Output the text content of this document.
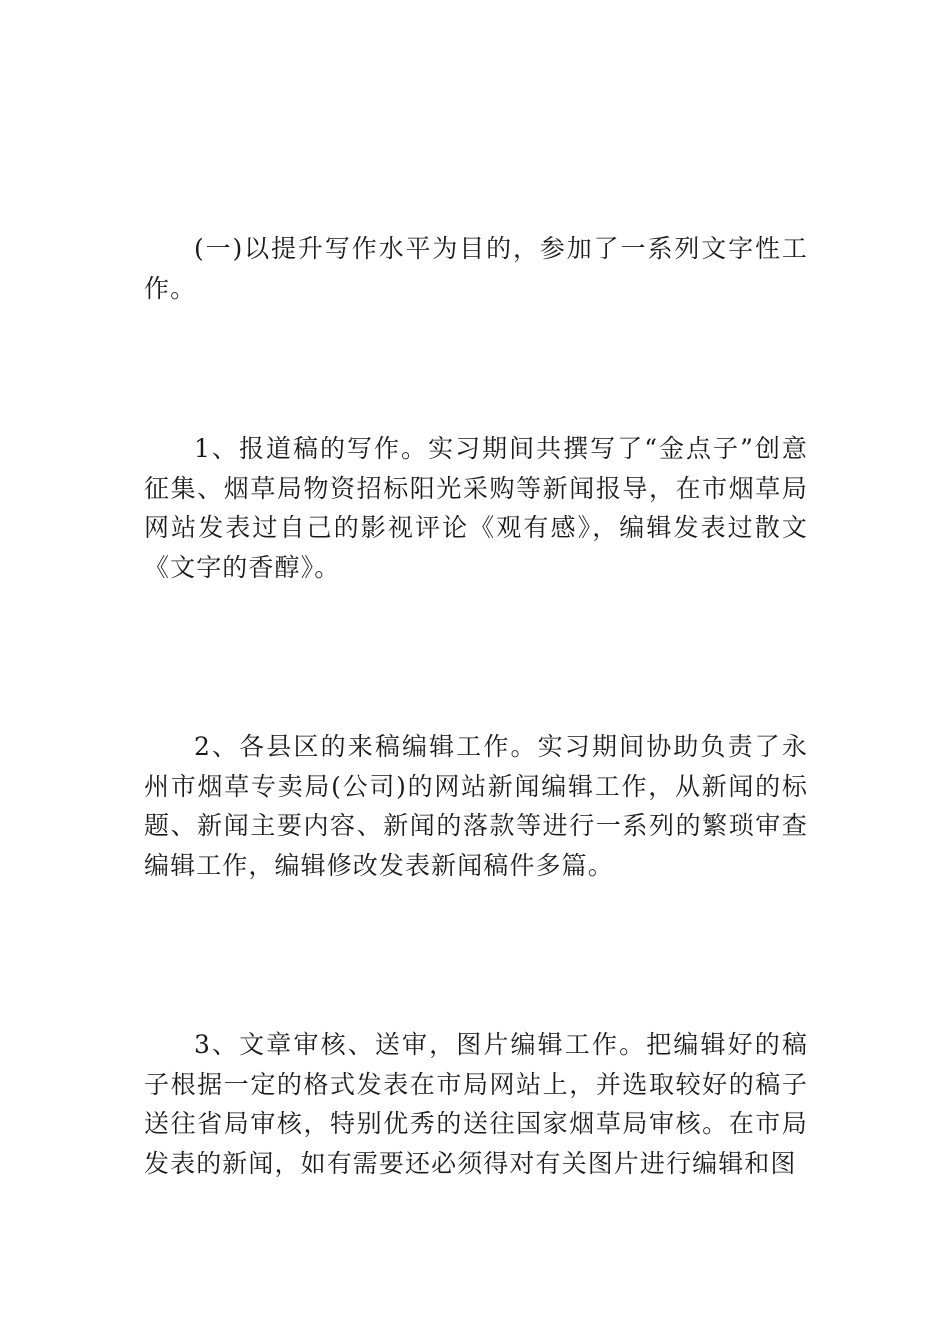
(一)以提升写作水平为目的，参加了一系列文字性工作。

1、报道稿的写作。实习期间共撰写了“金点子”创意征集、烟草局物资招标阳光采购等新闻报导，在市烟草局网站发表过自己的影视评论《观有感》，编辑发表过散文《文字的香醇》。

2、各县区的来稿编辑工作。实习期间协助负责了永州市烟草专卖局(公司)的网站新闻编辑工作，从新闻的标题、新闻主要内容、新闻的落款等进行一系列的繁琐审查编辑工作，编辑修改发表新闻稿件多篇。

3、文章审核、送审，图片编辑工作。把编辑好的稿子根据一定的格式发表在市局网站上，并选取较好的稿子送往省局审核，特别优秀的送往国家烟草局审核。在市局发表的新闻，如有需要还必须得对有关图片进行编辑和图
